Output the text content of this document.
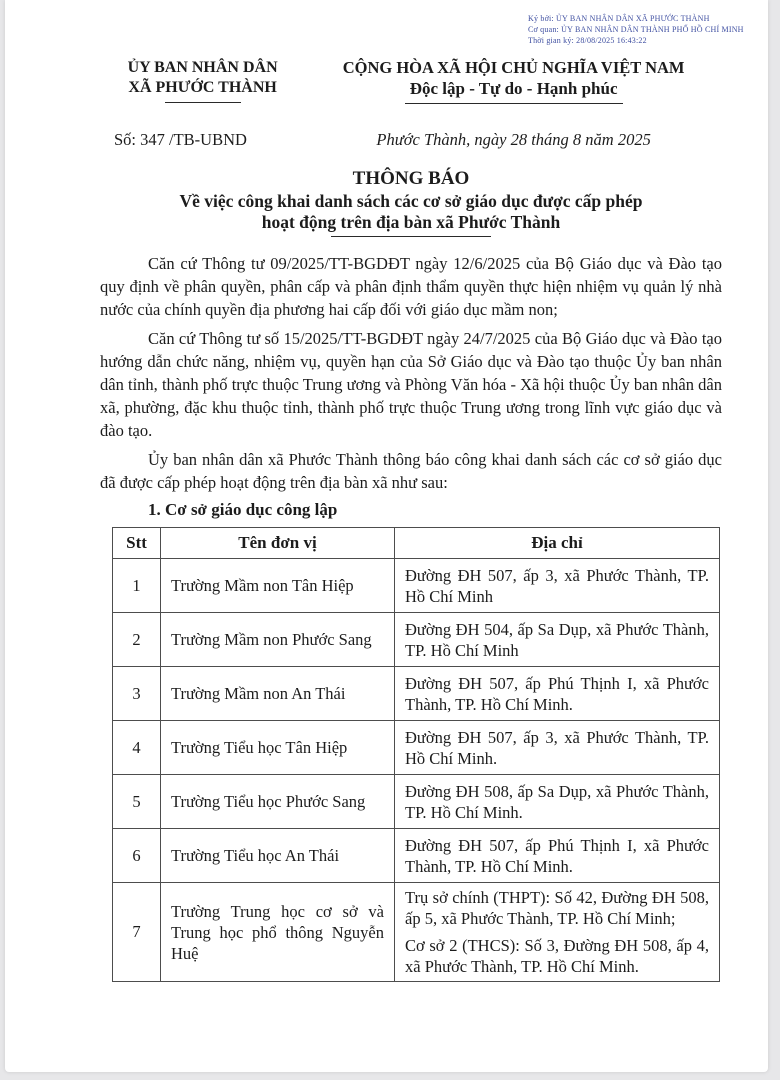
Ký bởi: ỦY BAN NHÂN DÂN XÃ PHƯỚC THÀNH
Cơ quan: ỦY BAN NHÂN DÂN THÀNH PHỐ HỒ CHÍ MINH
Thời gian ký: 28/08/2025 16:43:22
ỦY BAN NHÂN DÂN
XÃ PHƯỚC THÀNH
CỘNG HÒA XÃ HỘI CHỦ NGHĨA VIỆT NAM
Độc lập - Tự do - Hạnh phúc
Số: 347 /TB-UBND	Phước Thành, ngày 28 tháng 8 năm 2025
THÔNG BÁO
Về việc công khai danh sách các cơ sở giáo dục được cấp phép
hoạt động trên địa bàn xã Phước Thành

Căn cứ Thông tư 09/2025/TT-BGDĐT ngày 12/6/2025 của Bộ Giáo dục và Đào tạo quy định về phân quyền, phân cấp và phân định thẩm quyền thực hiện nhiệm vụ quản lý nhà nước của chính quyền địa phương hai cấp đối với giáo dục mầm non;

Căn cứ Thông tư số 15/2025/TT-BGDĐT ngày 24/7/2025 của Bộ Giáo dục và Đào tạo hướng dẫn chức năng, nhiệm vụ, quyền hạn của Sở Giáo dục và Đào tạo thuộc Ủy ban nhân dân tỉnh, thành phố trực thuộc Trung ương và Phòng Văn hóa - Xã hội thuộc Ủy ban nhân dân xã, phường, đặc khu thuộc tỉnh, thành phố trực thuộc Trung ương trong lĩnh vực giáo dục và đào tạo.

Ủy ban nhân dân xã Phước Thành thông báo công khai danh sách các cơ sở giáo dục đã được cấp phép hoạt động trên địa bàn xã như sau:

1. Cơ sở giáo dục công lập
Stt	Tên đơn vị	Địa chỉ
1	Trường Mầm non Tân Hiệp	Đường ĐH 507, ấp 3, xã Phước Thành, TP. Hồ Chí Minh
2	Trường Mầm non Phước Sang	Đường ĐH 504, ấp Sa Dụp, xã Phước Thành, TP. Hồ Chí Minh
3	Trường Mầm non An Thái	Đường ĐH 507, ấp Phú Thịnh I, xã Phước Thành, TP. Hồ Chí Minh.
4	Trường Tiểu học Tân Hiệp	Đường ĐH 507, ấp 3, xã Phước Thành, TP. Hồ Chí Minh.
5	Trường Tiểu học Phước Sang	Đường ĐH 508, ấp Sa Dụp, xã Phước Thành, TP. Hồ Chí Minh.
6	Trường Tiểu học An Thái	Đường ĐH 507, ấp Phú Thịnh I, xã Phước Thành, TP. Hồ Chí Minh.
7	Trường Trung học cơ sở và Trung học phổ thông Nguyễn Huệ	Trụ sở chính (THPT): Số 42, Đường ĐH 508, ấp 5, xã Phước Thành, TP. Hồ Chí Minh;

Cơ sở 2 (THCS): Số 3, Đường ĐH 508, ấp 4, xã Phước Thành, TP. Hồ Chí Minh.
